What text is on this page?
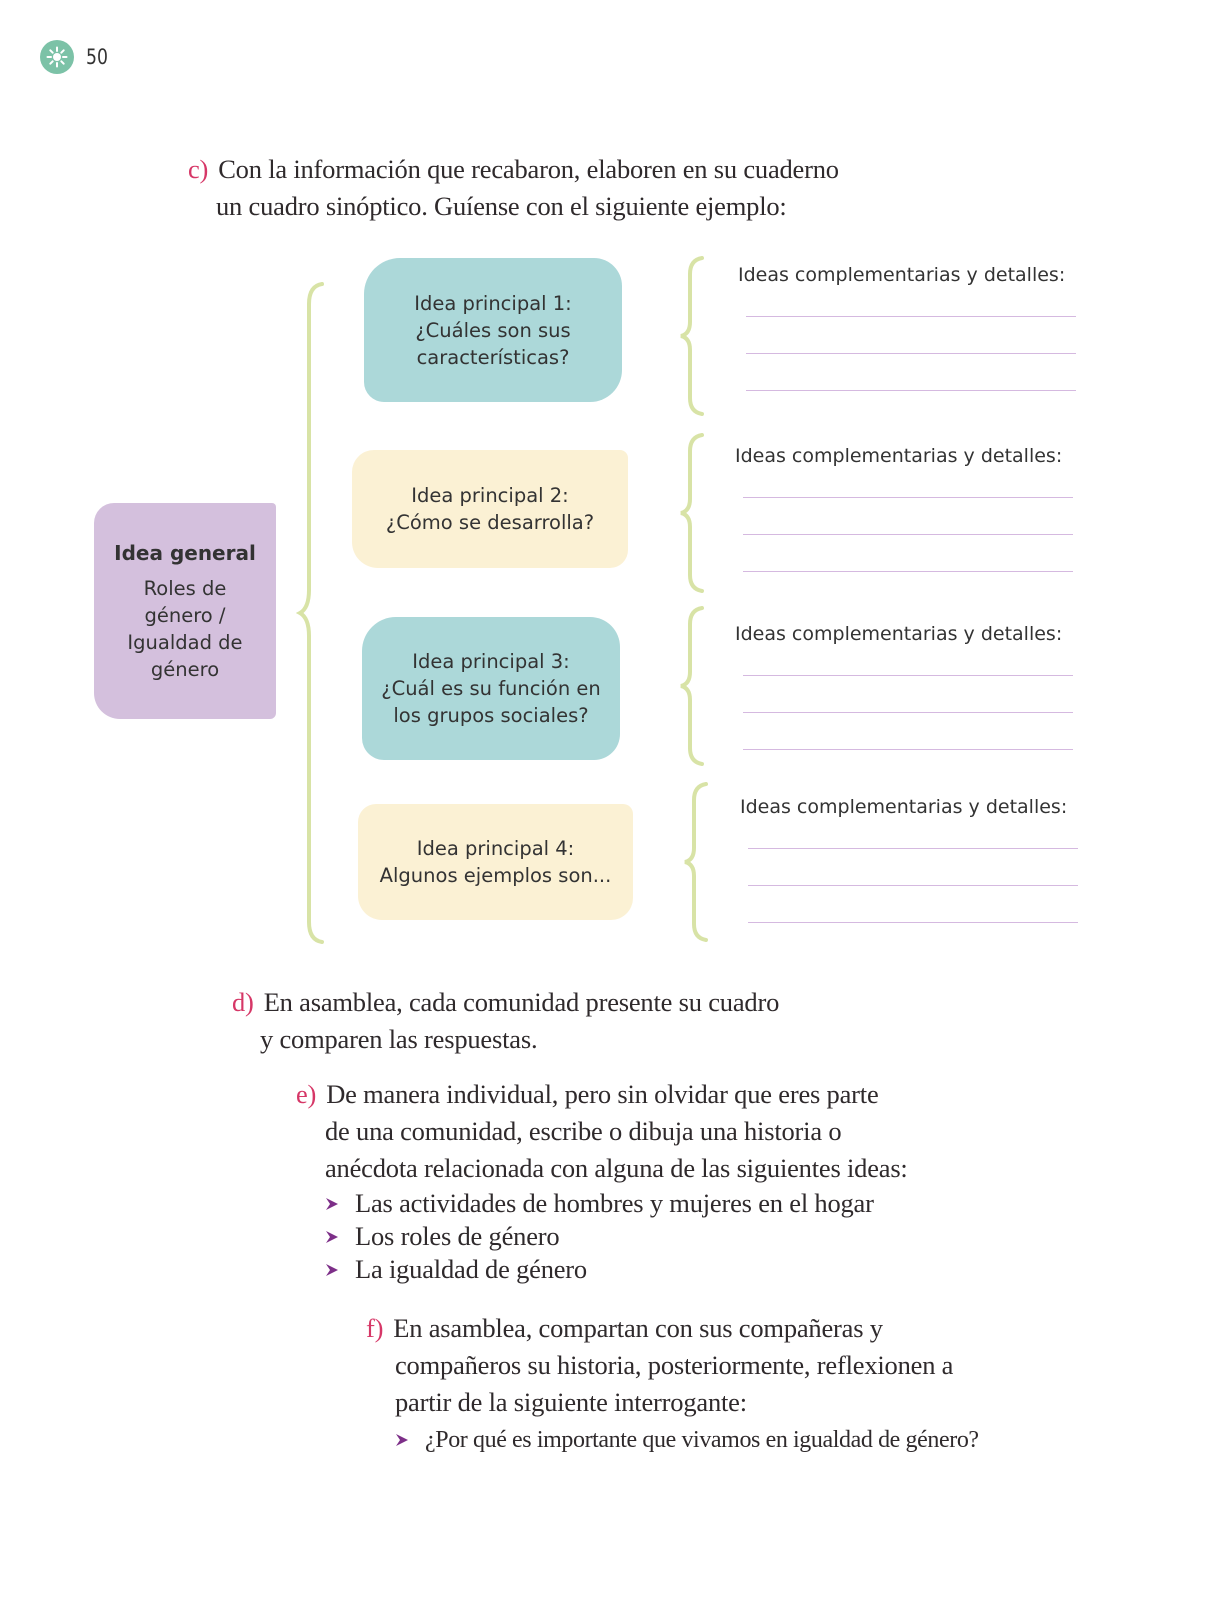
50
c) Con la información que recabaron, elaboren en su cuaderno
un cuadro sinóptico. Guíense con el siguiente ejemplo:
Idea general
Roles de
género /
Igualdad de
género
Idea principal 1:
¿Cuáles son sus
características?
Idea principal 2:
¿Cómo se desarrolla?
Idea principal 3:
¿Cuál es su función en
los grupos sociales?
Idea principal 4:
Algunos ejemplos son...
Ideas complementarias y detalles:
Ideas complementarias y detalles:
Ideas complementarias y detalles:
Ideas complementarias y detalles:
d) En asamblea, cada comunidad presente su cuadro
y comparen las respuestas.
e) De manera individual, pero sin olvidar que eres parte
de una comunidad, escribe o dibuja una historia o
anécdota relacionada con alguna de las siguientes ideas:
Las actividades de hombres y mujeres en el hogar
Los roles de género
La igualdad de género
f) En asamblea, compartan con sus compañeras y
compañeros su historia, posteriormente, reflexionen a
partir de la siguiente interrogante:
¿Por qué es importante que vivamos en igualdad de género?
